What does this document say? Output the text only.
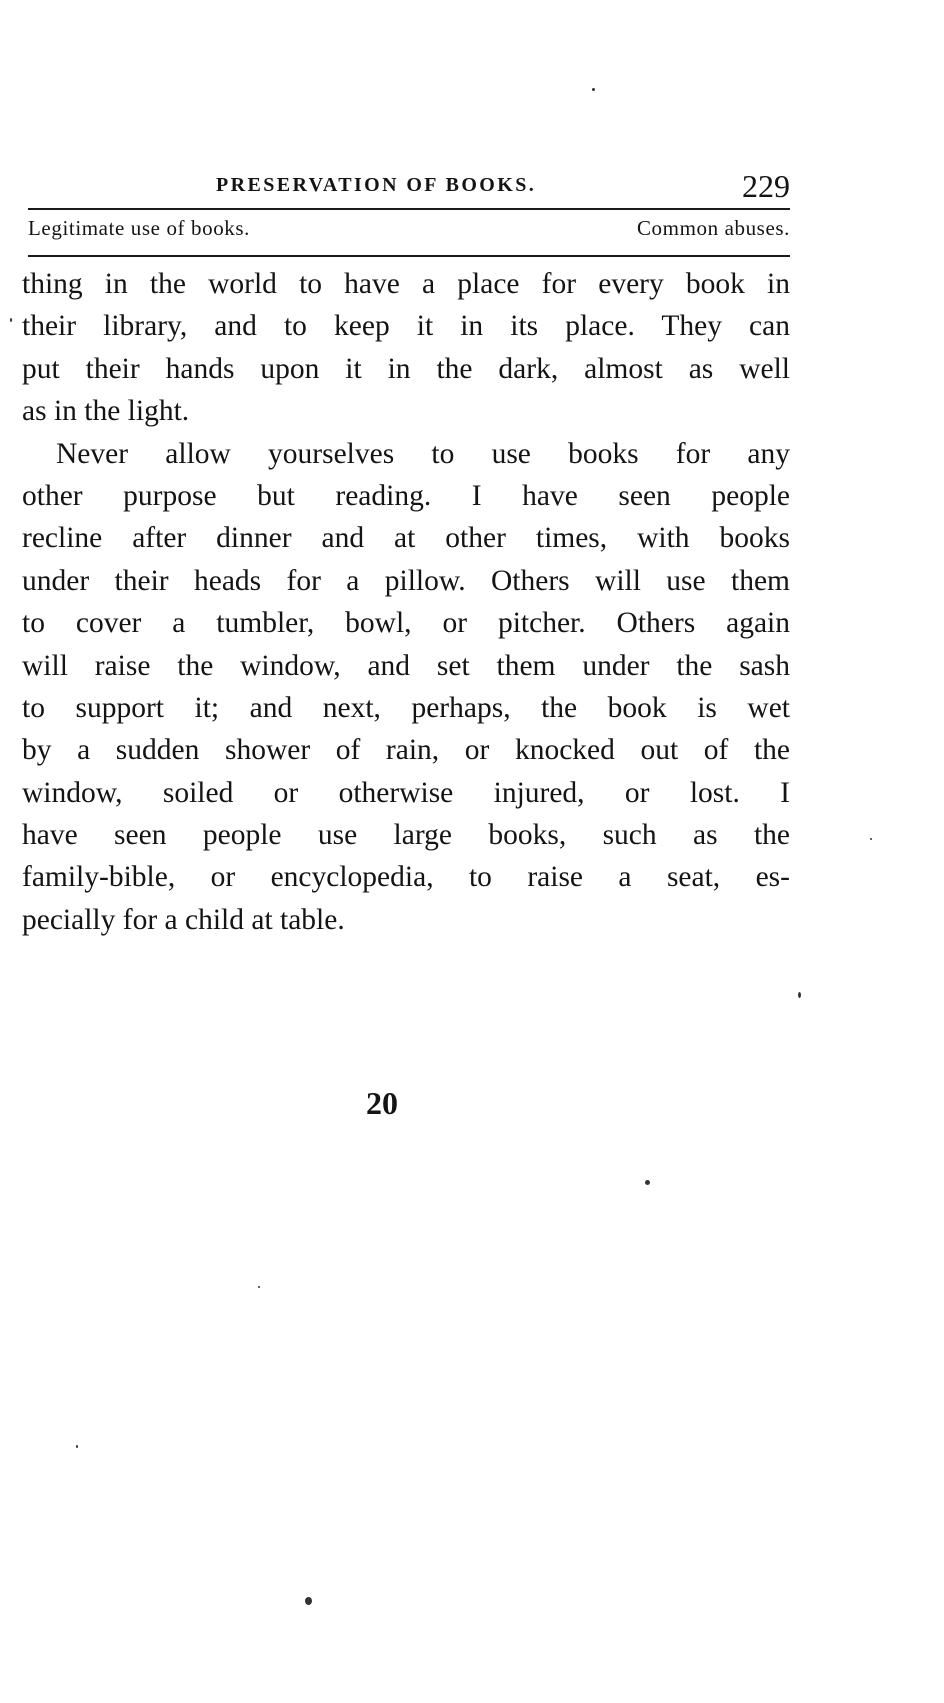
PRESERVATION OF BOOKS.	229
Legitimate use of books.	Common abuses.
thing in the world to have a place for every book in
their library, and to keep it in its place. They can
put their hands upon it in the dark, almost as well
as in the light.
Never allow yourselves to use books for any
other purpose but reading. I have seen people
recline after dinner and at other times, with books
under their heads for a pillow. Others will use them
to cover a tumbler, bowl, or pitcher. Others again
will raise the window, and set them under the sash
to support it; and next, perhaps, the book is wet
by a sudden shower of rain, or knocked out of the
window, soiled or otherwise injured, or lost. I
have seen people use large books, such as the
family-bible, or encyclopedia, to raise a seat, es-
pecially for a child at table.
20
